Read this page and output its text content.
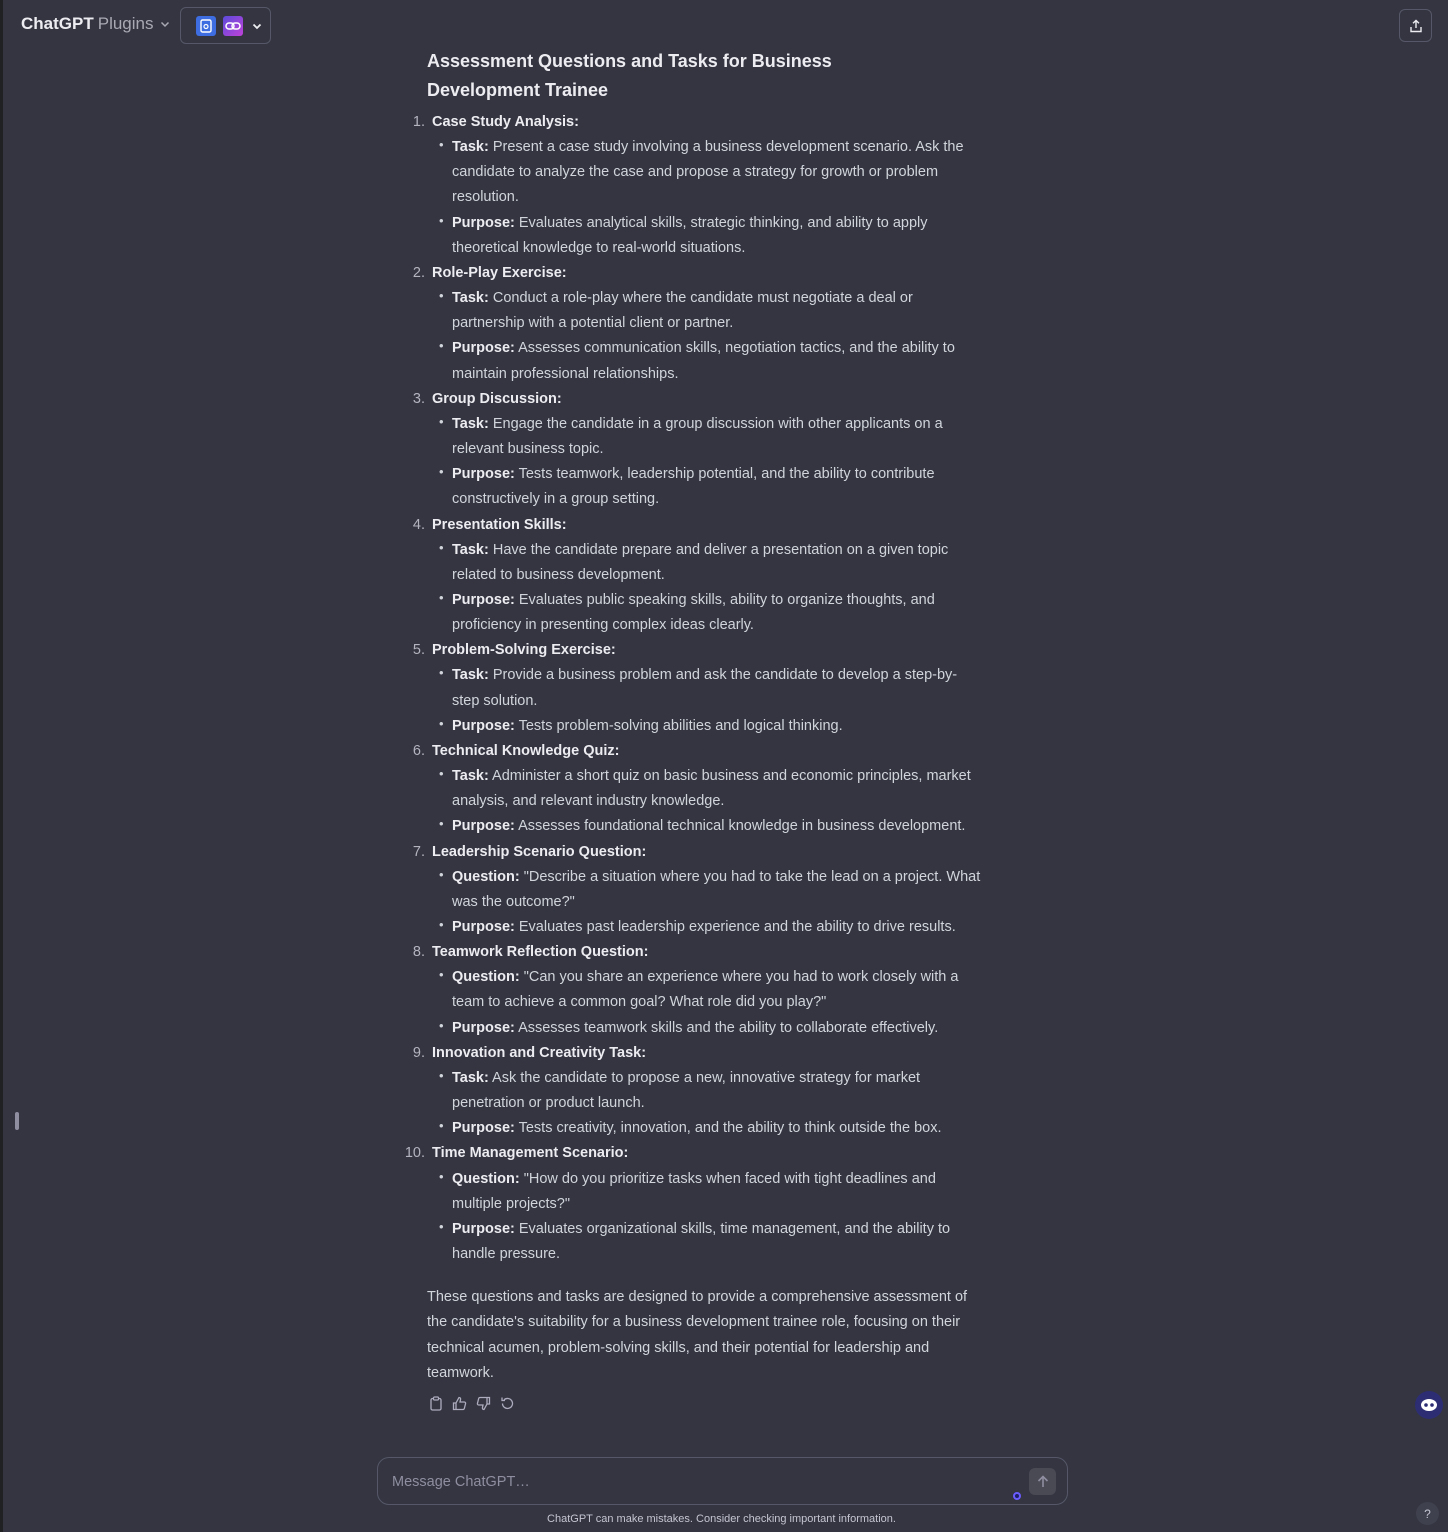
ChatGPT Plugins
Assessment Questions and Tasks for Business Development Trainee
1. Case Study Analysis:
• Task: Present a case study involving a business development scenario. Ask the candidate to analyze the case and propose a strategy for growth or problem resolution.
• Purpose: Evaluates analytical skills, strategic thinking, and ability to apply theoretical knowledge to real-world situations.
2. Role-Play Exercise:
• Task: Conduct a role-play where the candidate must negotiate a deal or partnership with a potential client or partner.
• Purpose: Assesses communication skills, negotiation tactics, and the ability to maintain professional relationships.
3. Group Discussion:
• Task: Engage the candidate in a group discussion with other applicants on a relevant business topic.
• Purpose: Tests teamwork, leadership potential, and the ability to contribute constructively in a group setting.
4. Presentation Skills:
• Task: Have the candidate prepare and deliver a presentation on a given topic related to business development.
• Purpose: Evaluates public speaking skills, ability to organize thoughts, and proficiency in presenting complex ideas clearly.
5. Problem-Solving Exercise:
• Task: Provide a business problem and ask the candidate to develop a step-by-step solution.
• Purpose: Tests problem-solving abilities and logical thinking.
6. Technical Knowledge Quiz:
• Task: Administer a short quiz on basic business and economic principles, market analysis, and relevant industry knowledge.
• Purpose: Assesses foundational technical knowledge in business development.
7. Leadership Scenario Question:
• Question: "Describe a situation where you had to take the lead on a project. What was the outcome?"
• Purpose: Evaluates past leadership experience and the ability to drive results.
8. Teamwork Reflection Question:
• Question: "Can you share an experience where you had to work closely with a team to achieve a common goal? What role did you play?"
• Purpose: Assesses teamwork skills and the ability to collaborate effectively.
9. Innovation and Creativity Task:
• Task: Ask the candidate to propose a new, innovative strategy for market penetration or product launch.
• Purpose: Tests creativity, innovation, and the ability to think outside the box.
10. Time Management Scenario:
• Question: "How do you prioritize tasks when faced with tight deadlines and multiple projects?"
• Purpose: Evaluates organizational skills, time management, and the ability to handle pressure.

These questions and tasks are designed to provide a comprehensive assessment of the candidate's suitability for a business development trainee role, focusing on their technical acumen, problem-solving skills, and their potential for leadership and teamwork.

Message ChatGPT…
ChatGPT can make mistakes. Consider checking important information.	?
